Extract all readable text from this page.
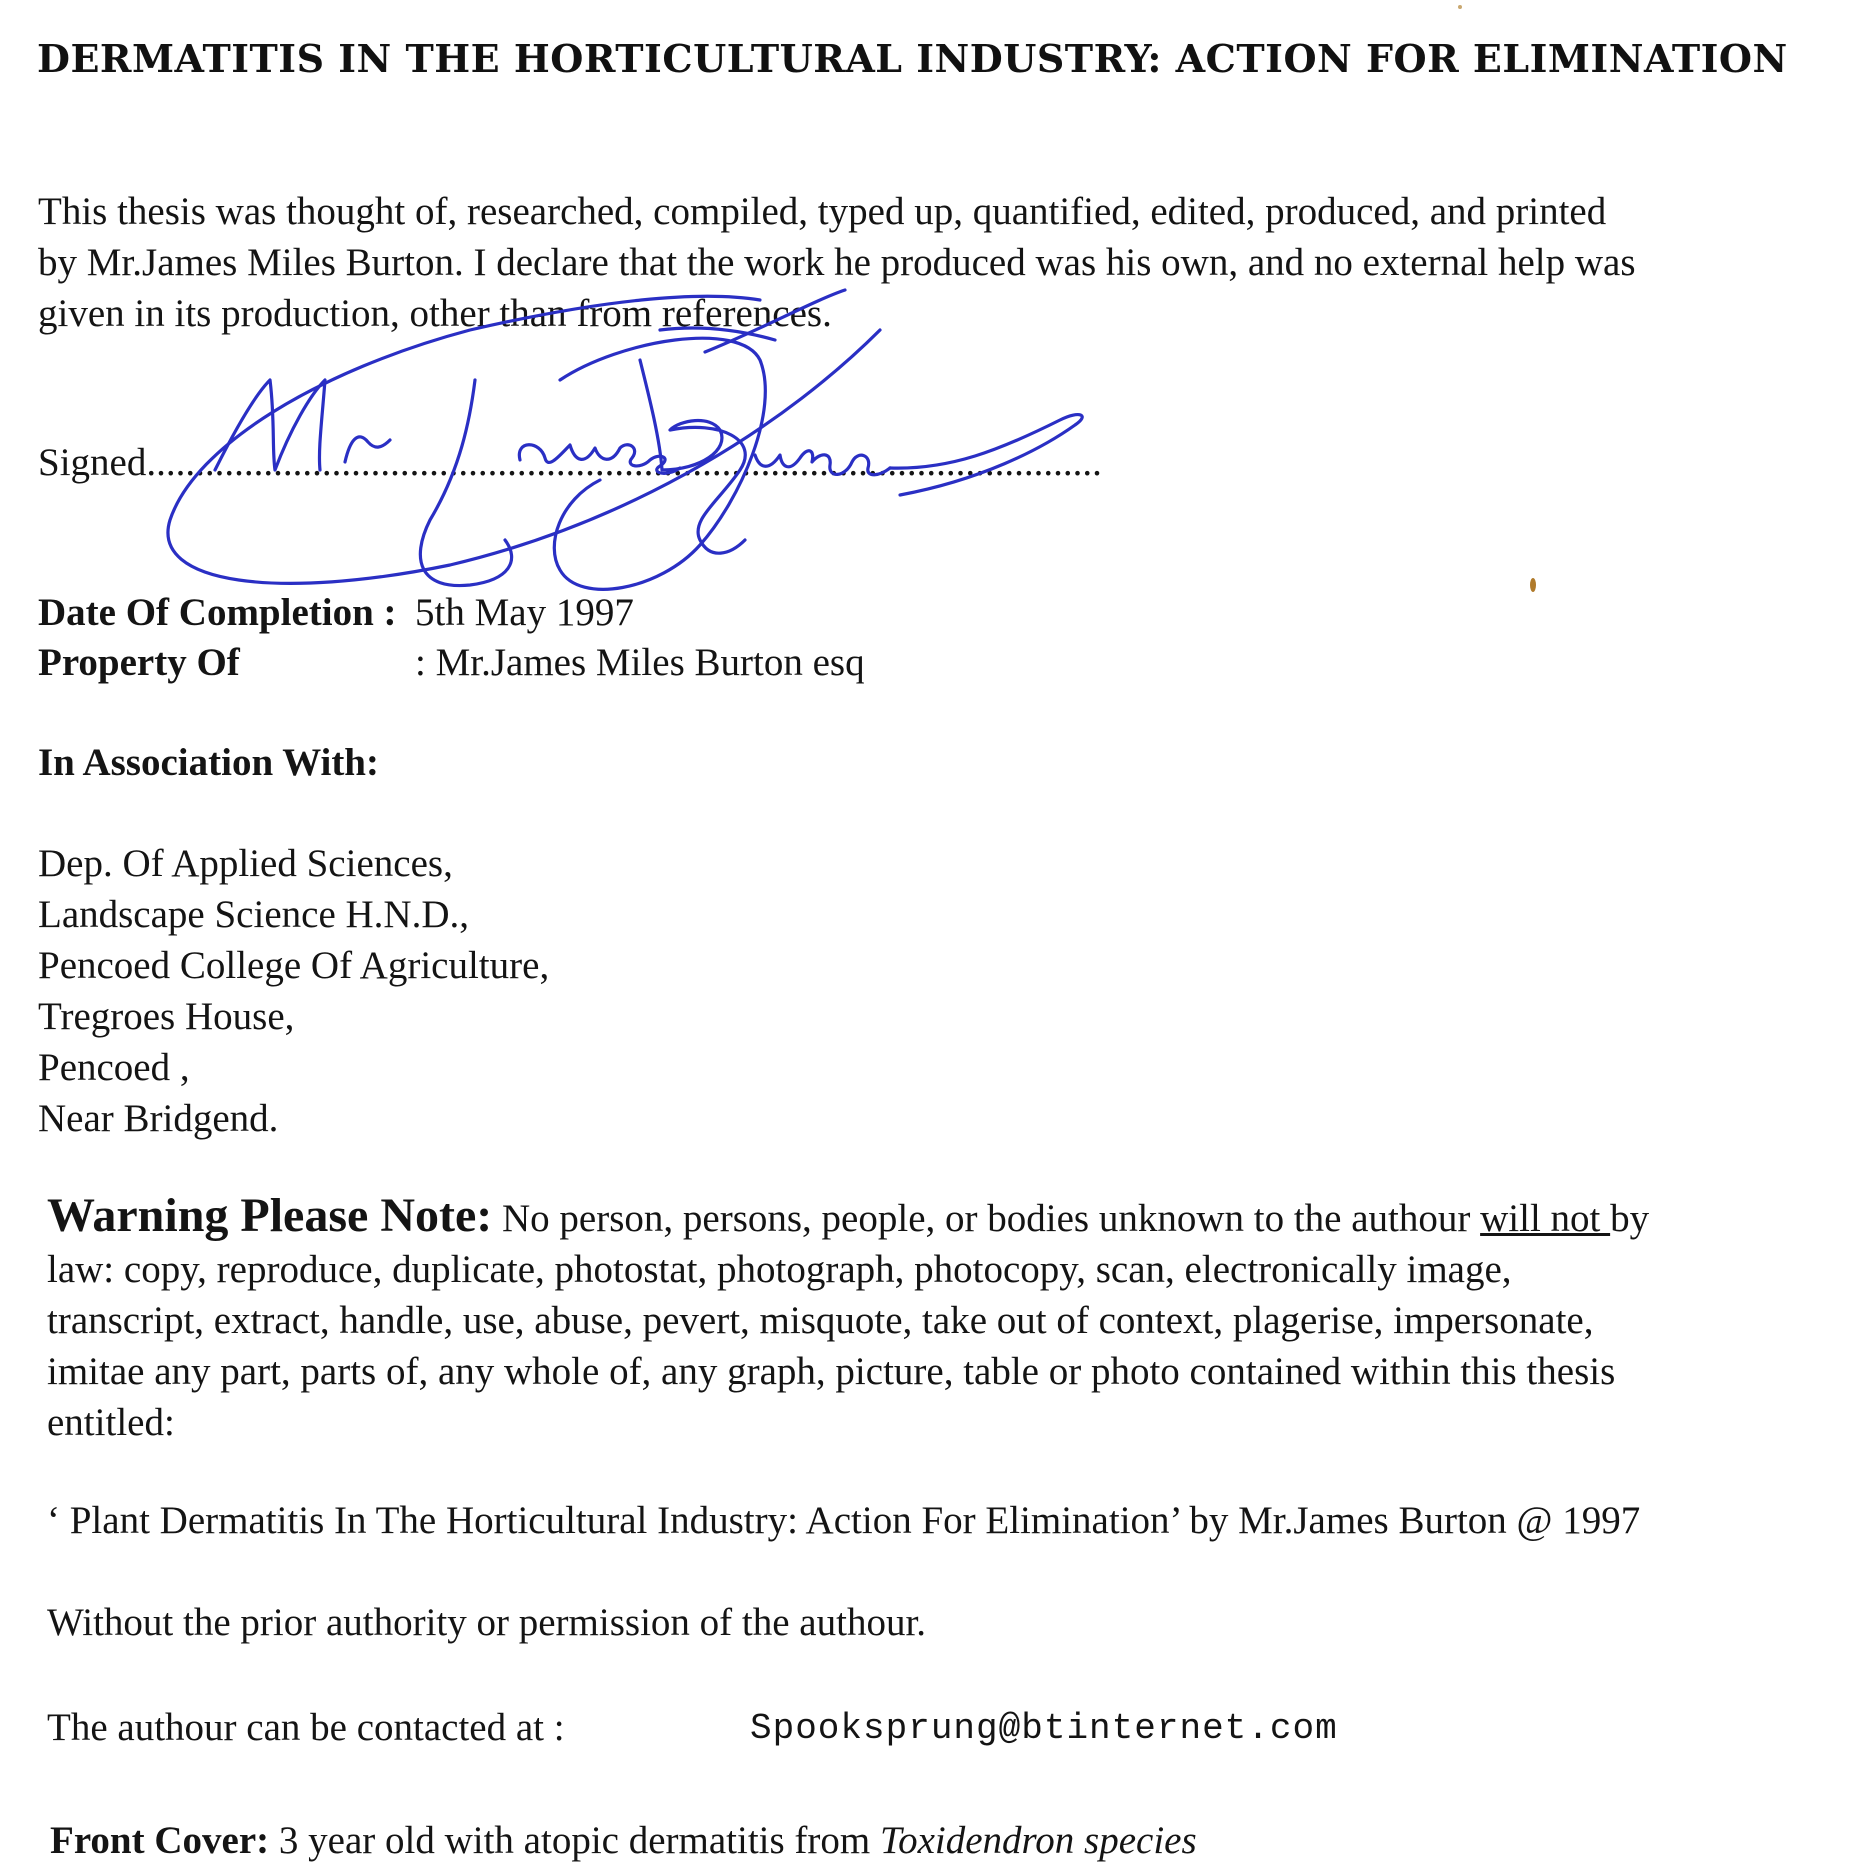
DERMATITIS IN THE HORTICULTURAL INDUSTRY: ACTION FOR ELIMINATION
This thesis was thought of, researched, compiled, typed up, quantified, edited, produced, and printed
by Mr.James Miles Burton. I declare that the work he produced was his own, and no external help was
given in its production, other than from references.
Signed..................................................................................................
Date Of Completion : 5th May 1997
Property Of	: Mr.James Miles Burton esq
In Association With:
Dep. Of Applied Sciences,
Landscape Science H.N.D.,
Pencoed College Of Agriculture,
Tregroes House,
Pencoed ,
Near Bridgend.
Warning Please Note: No person, persons, people, or bodies unknown to the authour will not by
law: copy, reproduce, duplicate, photostat, photograph, photocopy, scan, electronically image,
transcript, extract, handle, use, abuse, pevert, misquote, take out of context, plagerise, impersonate,
imitae any part, parts of, any whole of, any graph, picture, table or photo contained within this thesis
entitled:
‘ Plant Dermatitis In The Horticultural Industry: Action For Elimination’ by Mr.James Burton @ 1997
Without the prior authority or permission of the authour.
The authour can be contacted at :	Spooksprung@btinternet.com
Front Cover: 3 year old with atopic dermatitis from Toxidendron species
